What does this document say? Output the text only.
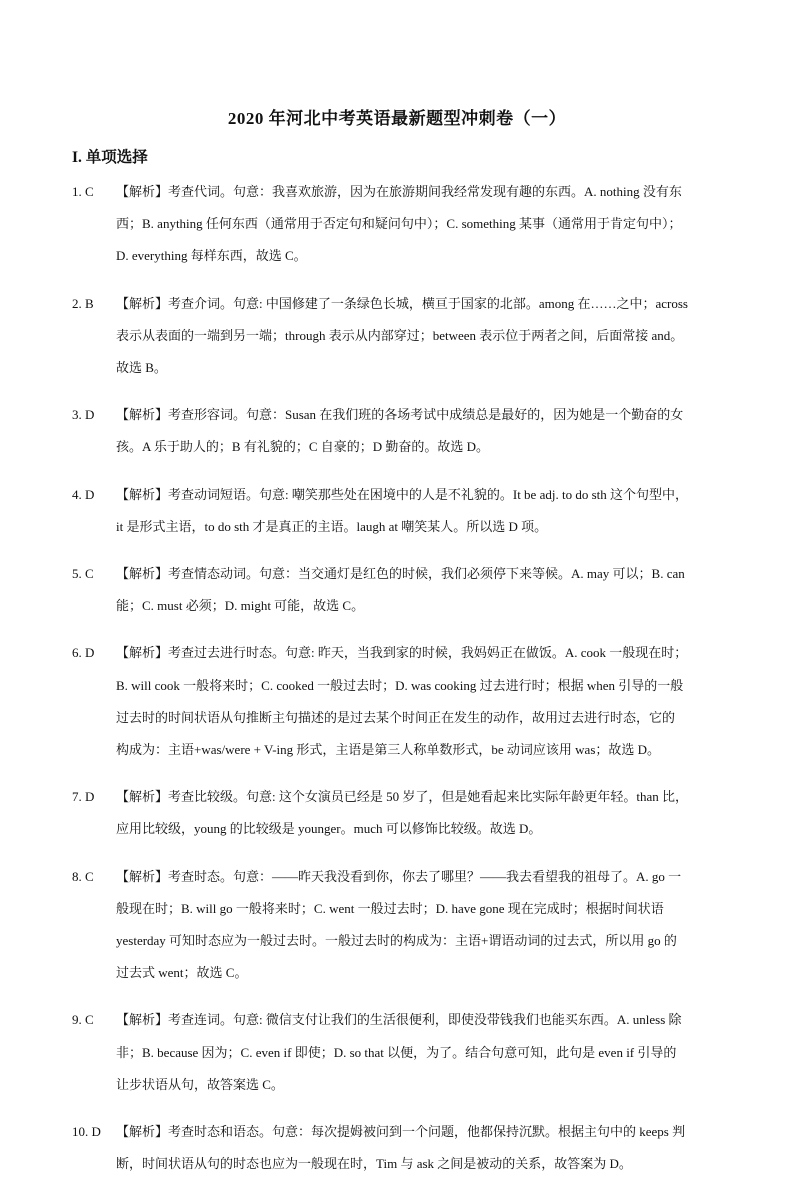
2020 年河北中考英语最新题型冲刺卷（一）
I. 单项选择
1. C 【解析】考查代词。句意：我喜欢旅游，因为在旅游期间我经常发现有趣的东西。A. nothing 没有东
西；B. anything 任何东西（通常用于否定句和疑问句中）；C. something 某事（通常用于肯定句中）；
D. everything 每样东西，故选 C。
2. B 【解析】考查介词。句意: 中国修建了一条绿色长城，横亘于国家的北部。among 在……之中；across
表示从表面的一端到另一端；through 表示从内部穿过；between 表示位于两者之间，后面常接 and。
故选 B。
3. D 【解析】考查形容词。句意：Susan 在我们班的各场考试中成绩总是最好的，因为她是一个勤奋的女
孩。A 乐于助人的；B 有礼貌的；C 自豪的；D 勤奋的。故选 D。
4. D 【解析】考查动词短语。句意: 嘲笑那些处在困境中的人是不礼貌的。It be adj. to do sth 这个句型中，
it 是形式主语，to do sth 才是真正的主语。laugh at 嘲笑某人。所以选 D 项。
5. C 【解析】考查情态动词。句意：当交通灯是红色的时候，我们必须停下来等候。A. may 可以；B. can
能；C. must 必须；D. might 可能，故选 C。
6. D 【解析】考查过去进行时态。句意: 昨天，当我到家的时候，我妈妈正在做饭。A. cook 一般现在时；
B. will cook 一般将来时；C. cooked 一般过去时；D. was cooking 过去进行时；根据 when 引导的一般
过去时的时间状语从句推断主句描述的是过去某个时间正在发生的动作，故用过去进行时态，它的
构成为：主语+was/were + V-ing 形式，主语是第三人称单数形式，be 动词应该用 was；故选 D。
7. D 【解析】考查比较级。句意: 这个女演员已经是 50 岁了，但是她看起来比实际年龄更年轻。than 比，
应用比较级，young 的比较级是 younger。much 可以修饰比较级。故选 D。
8. C 【解析】考查时态。句意：——昨天我没看到你，你去了哪里？——我去看望我的祖母了。A. go 一
般现在时；B. will go 一般将来时；C. went 一般过去时；D. have gone 现在完成时；根据时间状语
yesterday 可知时态应为一般过去时。一般过去时的构成为：主语+谓语动词的过去式，所以用 go 的
过去式 went；故选 C。
9. C 【解析】考查连词。句意: 微信支付让我们的生活很便利，即使没带钱我们也能买东西。A. unless 除
非；B. because 因为；C. even if 即使；D. so that 以便，为了。结合句意可知，此句是 even if 引导的
让步状语从句，故答案选 C。
10. D 【解析】考查时态和语态。句意：每次提姆被问到一个问题，他都保持沉默。根据主句中的 keeps 判
断，时间状语从句的时态也应为一般现在时，Tim 与 ask 之间是被动的关系，故答案为 D。
